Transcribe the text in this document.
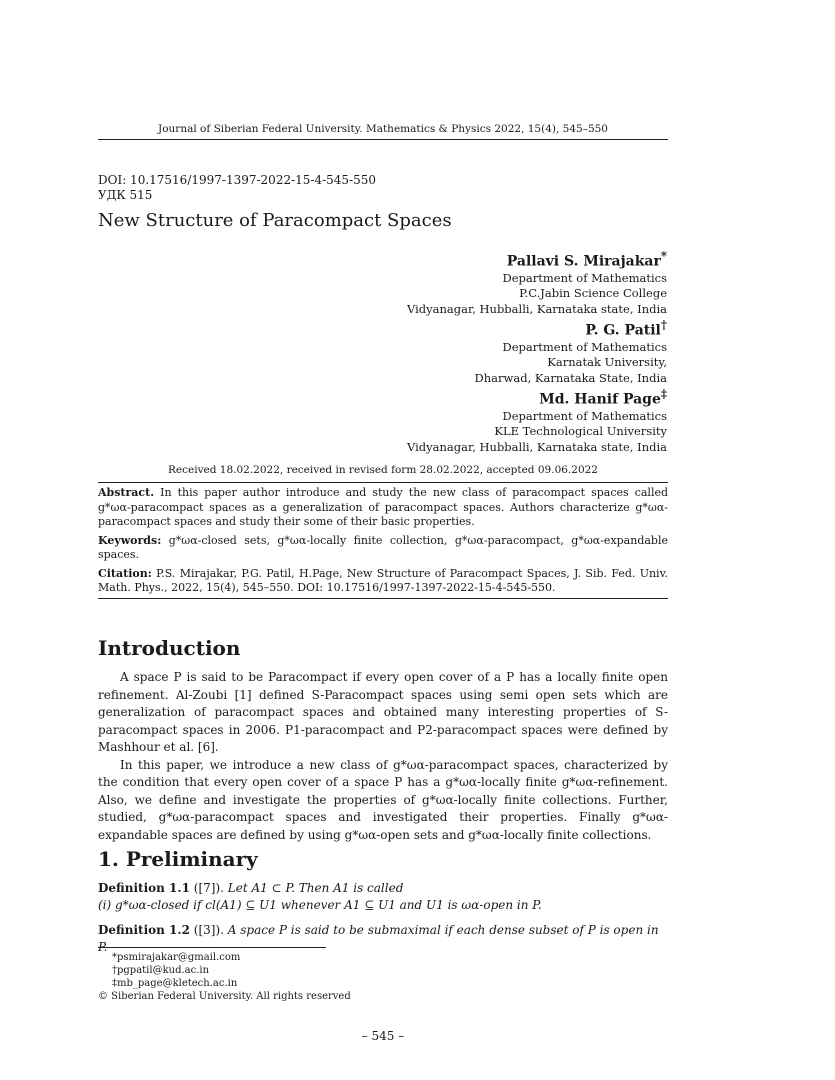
Journal of Siberian Federal University. Mathematics & Physics 2022, 15(4), 545–550
DOI: 10.17516/1997-1397-2022-15-4-545-550
УДК 515
New Structure of Paracompact Spaces
Pallavi S. Mirajakar*
Department of Mathematics
P.C.Jabin Science College
Vidyanagar, Hubballi, Karnataka state, India
P. G. Patil†
Department of Mathematics
Karnatak University,
Dharwad, Karnataka State, India
Md. Hanif Page‡
Department of Mathematics
KLE Technological University
Vidyanagar, Hubballi, Karnataka state, India
Received 18.02.2022, received in revised form 28.02.2022, accepted 09.06.2022

Abstract. In this paper author introduce and study the new class of paracompact spaces called g*ωα-paracompact spaces as a generalization of paracompact spaces. Authors characterize g*ωα-paracompact spaces and study their some of their basic properties.

Keywords: g*ωα-closed sets, g*ωα-locally finite collection, g*ωα-paracompact, g*ωα-expandable spaces.

Citation: P.S. Mirajakar, P.G. Patil, H.Page, New Structure of Paracompact Spaces, J. Sib. Fed. Univ. Math. Phys., 2022, 15(4), 545–550. DOI: 10.17516/1997-1397-2022-15-4-545-550.

Introduction

A space P is said to be Paracompact if every open cover of a P has a locally finite open refinement. Al-Zoubi [1] defined S-Paracompact spaces using semi open sets which are generalization of paracompact spaces and obtained many interesting properties of S-paracompact spaces in 2006. P1-paracompact and P2-paracompact spaces were defined by Mashhour et al. [6].

In this paper, we introduce a new class of g*ωα-paracompact spaces, characterized by the condition that every open cover of a space P has a g*ωα-locally finite g*ωα-refinement. Also, we define and investigate the properties of g*ωα-locally finite collections. Further, studied, g*ωα-paracompact spaces and investigated their properties. Finally g*ωα-expandable spaces are defined by using g*ωα-open sets and g*ωα-locally finite collections.

1. Preliminary

Definition 1.1 ([7]). Let A1 ⊂ P. Then A1 is called
(i) g*ωα-closed if cl(A1) ⊆ U1 whenever A1 ⊆ U1 and U1 is ωα-open in P.

Definition 1.2 ([3]). A space P is said to be submaximal if each dense subset of P is open in P.

*psmirajakar@gmail.com
†pgpatil@kud.ac.in
‡mb_page@kletech.ac.in
© Siberian Federal University. All rights reserved
– 545 –
